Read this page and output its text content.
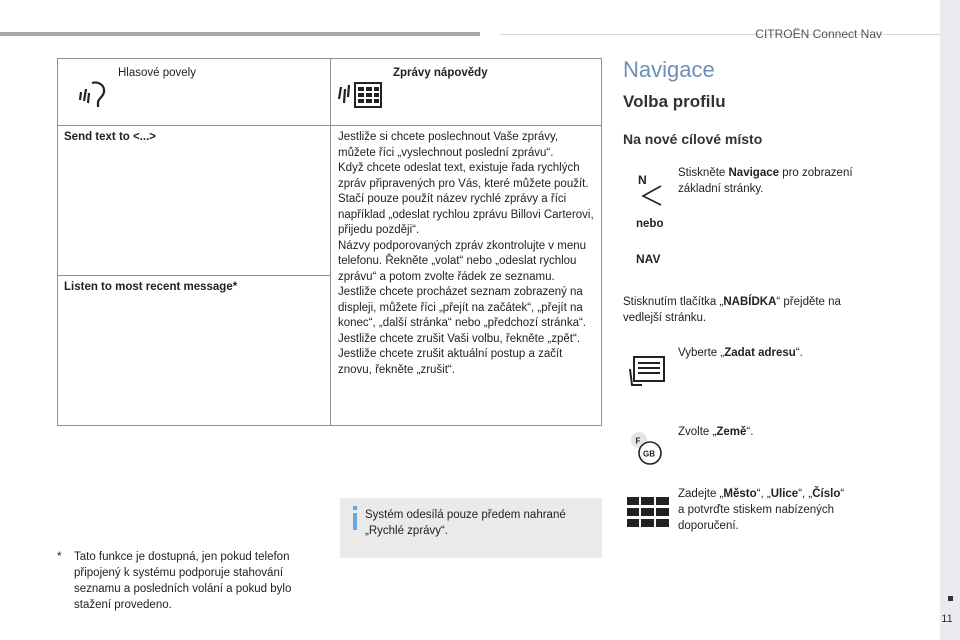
CITROËN Connect Nav
11
Hlasové povely	Zprávy nápovědy

Send text to <...>	Jestliže si chcete poslechnout Vaše zprávy, můžete říci „vyslechnout poslední zprávu“.
Když chcete odeslat text, existuje řada rychlých zpráv připravených pro Vás, které můžete použít. Stačí pouze použít název rychlé zprávy a říci například „odeslat rychlou zprávu Billovi Carterovi, přijedu později“.
Názvy podporovaných zpráv zkontrolujte v menu telefonu. Řekněte „volat“ nebo „odeslat rychlou zprávu“ a potom zvolte řádek ze seznamu. Jestliže chcete procházet seznam zobrazený na displeji, můžete říci „přejít na začátek“, „přejít na konec“, „další stránka“ nebo „předchozí stránka“. Jestliže chcete zrušit Vaši volbu, řekněte „zpět“. Jestliže chcete zrušit aktuální postup a začít znovu, řekněte „zrušit“.

Listen to most recent message*	
* Tato funkce je dostupná, jen pokud telefon připojený k systému podporuje stahování seznamu a posledních volání a pokud bylo stažení provedeno.
Systém odesílá pouze předem nahrané „Rychlé zprávy“.
Navigace
Volba profilu
Na nové cílové místo
N
nebo
NAV
Stiskněte Navigace pro zobrazení základní stránky.
Stisknutím tlačítka „NABÍDKA“ přejděte na vedlejší stránku.
Vyberte „Zadat adresu“.
F
GB
Zvolte „Země“.
Zadejte „Město“, „Ulice“, „Číslo“
a potvrďte stiskem nabízených doporučení.
